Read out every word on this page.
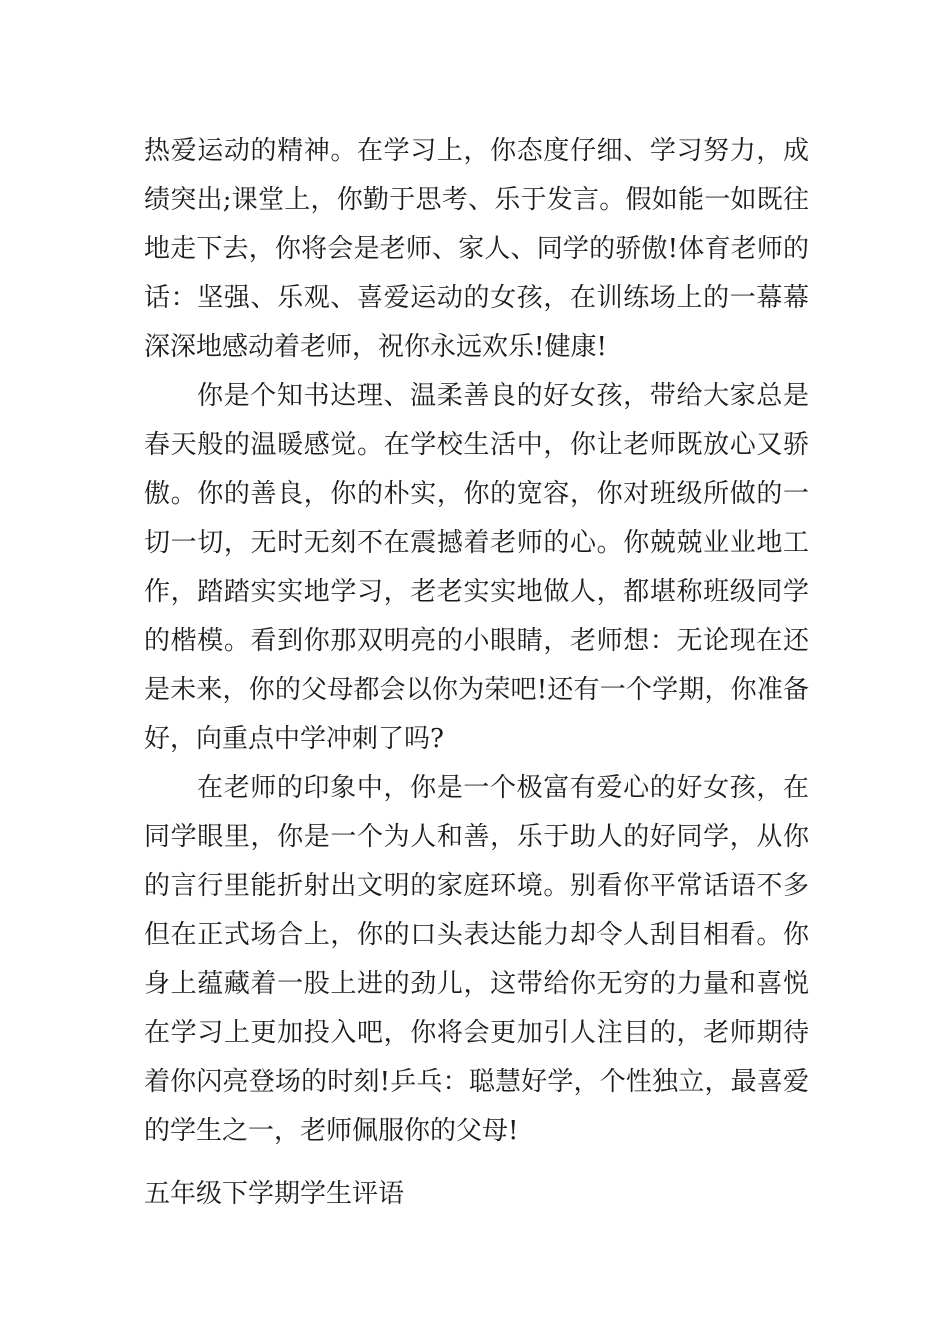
热爱运动的精神。在学习上，你态度仔细、学习努力，成
绩突出;课堂上，你勤于思考、乐于发言。假如能一如既往
地走下去，你将会是老师、家人、同学的骄傲!体育老师的
话：坚强、乐观、喜爱运动的女孩，在训练场上的一幕幕
深深地感动着老师，祝你永远欢乐!健康!
你是个知书达理、温柔善良的好女孩，带给大家总是
春天般的温暖感觉。在学校生活中，你让老师既放心又骄
傲。你的善良，你的朴实，你的宽容，你对班级所做的一
切一切，无时无刻不在震撼着老师的心。你兢兢业业地工
作，踏踏实实地学习，老老实实地做人，都堪称班级同学
的楷模。看到你那双明亮的小眼睛，老师想：无论现在还
是未来，你的父母都会以你为荣吧!还有一个学期，你准备
好，向重点中学冲刺了吗?
在老师的印象中，你是一个极富有爱心的好女孩，在
同学眼里，你是一个为人和善，乐于助人的好同学，从你
的言行里能折射出文明的家庭环境。别看你平常话语不多
但在正式场合上，你的口头表达能力却令人刮目相看。你
身上蕴藏着一股上进的劲儿，这带给你无穷的力量和喜悦
在学习上更加投入吧，你将会更加引人注目的，老师期待
着你闪亮登场的时刻!乒乓：聪慧好学，个性独立，最喜爱
的学生之一，老师佩服你的父母!
五年级下学期学生评语
